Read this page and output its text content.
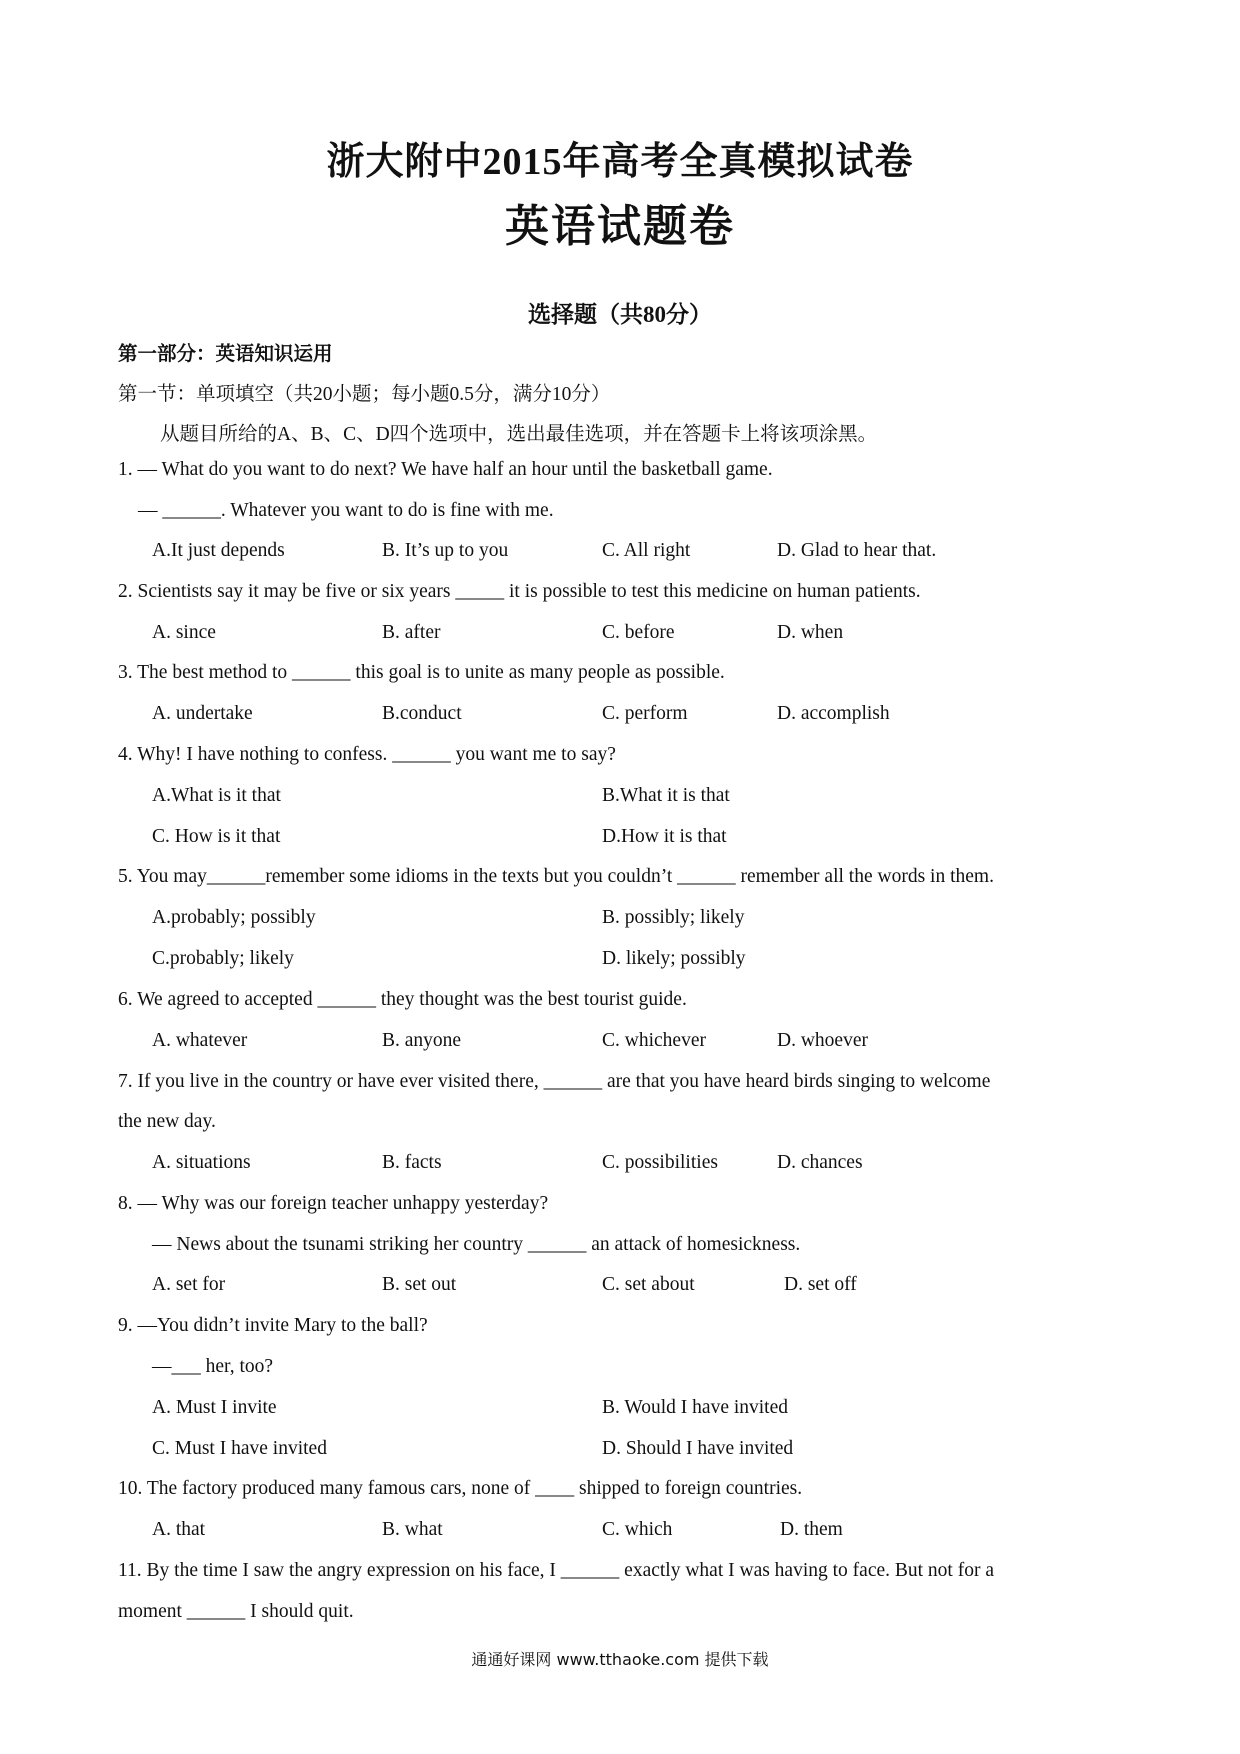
浙大附中2015年高考全真模拟试卷
英语试题卷
选择题（共80分）
第一部分：英语知识运用
第一节：单项填空（共20小题；每小题0.5分，满分10分）
从题目所给的A、B、C、D四个选项中，选出最佳选项，并在答题卡上将该项涂黑。
1. — What do you want to do next? We have half an hour until the basketball game.
— ______. Whatever you want to do is fine with me.
A.It just depends	B. It’s up to you	C. All right	D. Glad to hear that.
2. Scientists say it may be five or six years _____ it is possible to test this medicine on human patients.
A. since	B. after	C. before	D. when
3. The best method to ______ this goal is to unite as many people as possible.
A. undertake	B.conduct	C. perform	D. accomplish
4. Why! I have nothing to confess. ______ you want me to say?
A.What is it that	B.What it is that
C. How is it that	D.How it is that
5. You may______remember some idioms in the texts but you couldn’t ______ remember all the words in them.
A.probably; possibly	B. possibly; likely
C.probably; likely	D. likely; possibly
6. We agreed to accepted ______ they thought was the best tourist guide.
A. whatever	B. anyone	C. whichever	D. whoever
7. If you live in the country or have ever visited there, ______ are that you have heard birds singing to welcome
the new day.
A. situations	B. facts	C. possibilities	D. chances
8. — Why was our foreign teacher unhappy yesterday?
— News about the tsunami striking her country ______ an attack of homesickness.
A. set for	B. set out	C. set about	D. set off
9. —You didn’t invite Mary to the ball?
—___ her, too?
A. Must I invite	B. Would I have invited
C. Must I have invited	D. Should I have invited
10. The factory produced many famous cars, none of ____ shipped to foreign countries.
A. that	B. what	C. which	D. them
11. By the time I saw the angry expression on his face, I ______ exactly what I was having to face. But not for a
moment ______ I should quit.
通通好课网 www.tthaoke.com 提供下载
